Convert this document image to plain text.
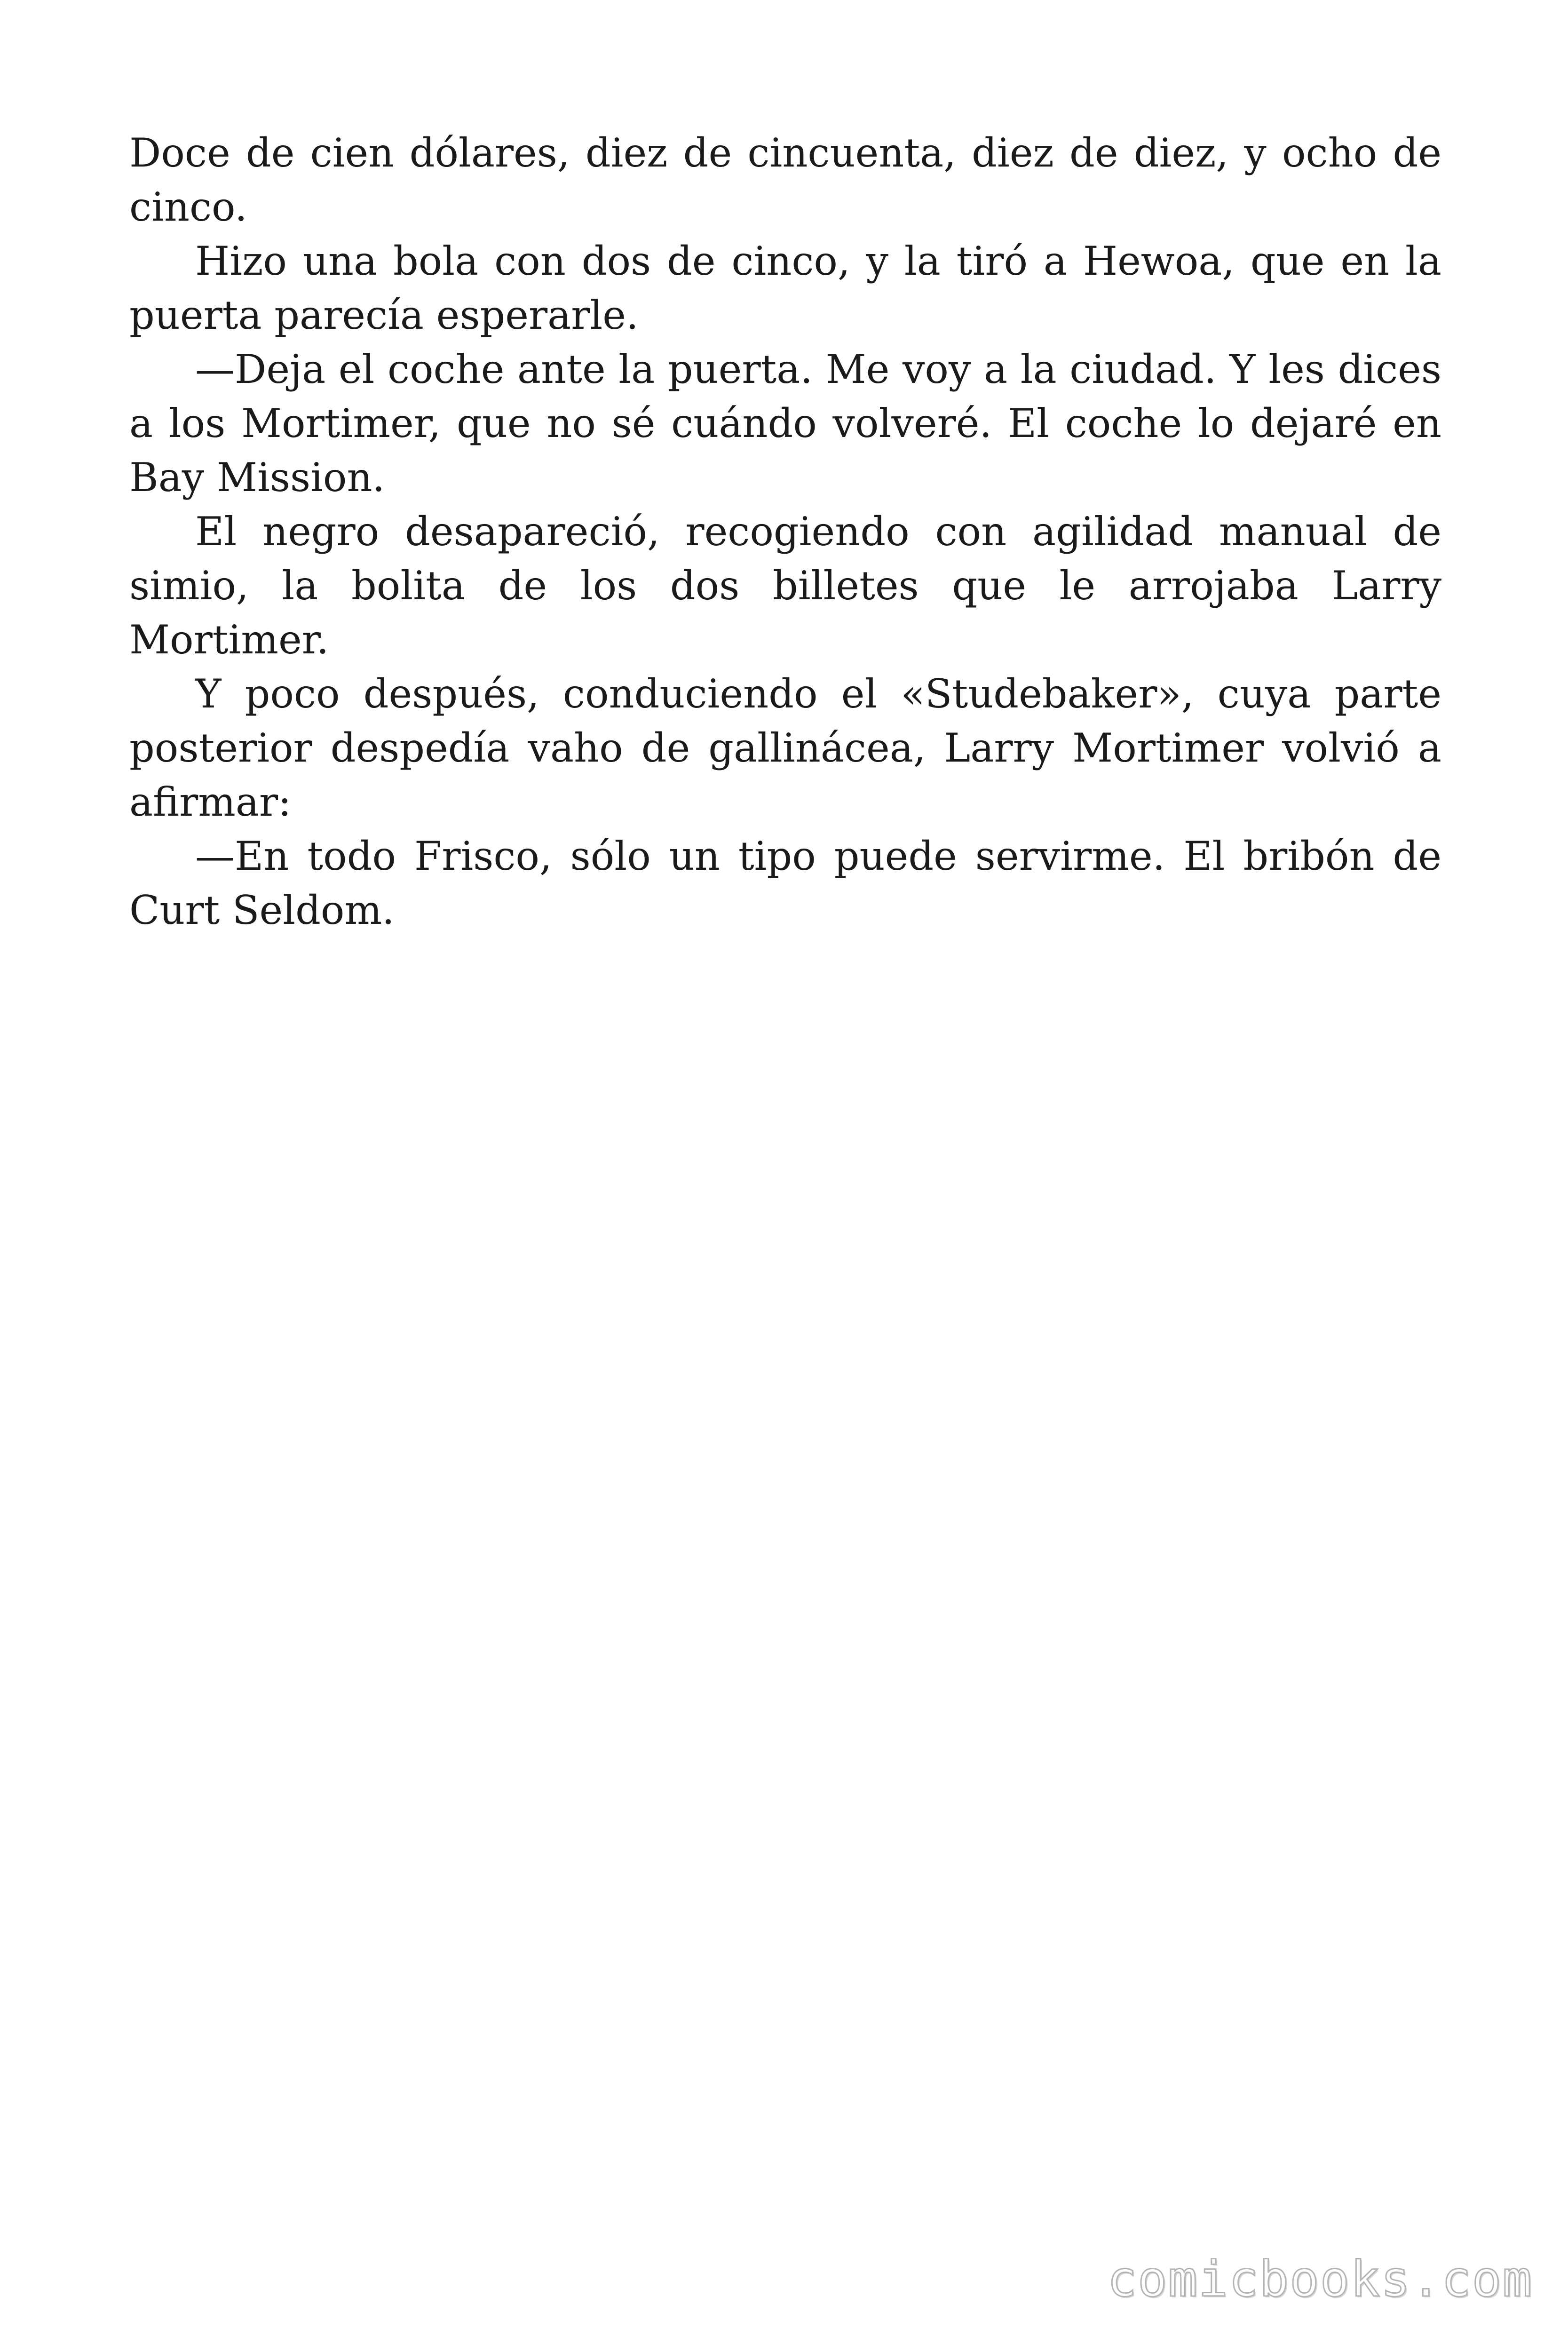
Doce de cien dólares, diez de cincuenta, diez de diez, y ocho de cinco.

Hizo una bola con dos de cinco, y la tiró a Hewoa, que en la puerta parecía esperarle.

—Deja el coche ante la puerta. Me voy a la ciudad. Y les dices a los Mortimer, que no sé cuándo volveré. El coche lo dejaré en Bay Mission.

El negro desapareció, recogiendo con agilidad manual de simio, la bolita de los dos billetes que le arrojaba Larry Mortimer.

Y poco después, conduciendo el «Studebaker», cuya parte posterior despedía vaho de gallinácea, Larry Mortimer volvió a afirmar:

—En todo Frisco, sólo un tipo puede servirme. El bribón de Curt Seldom.

comicbooks.com
